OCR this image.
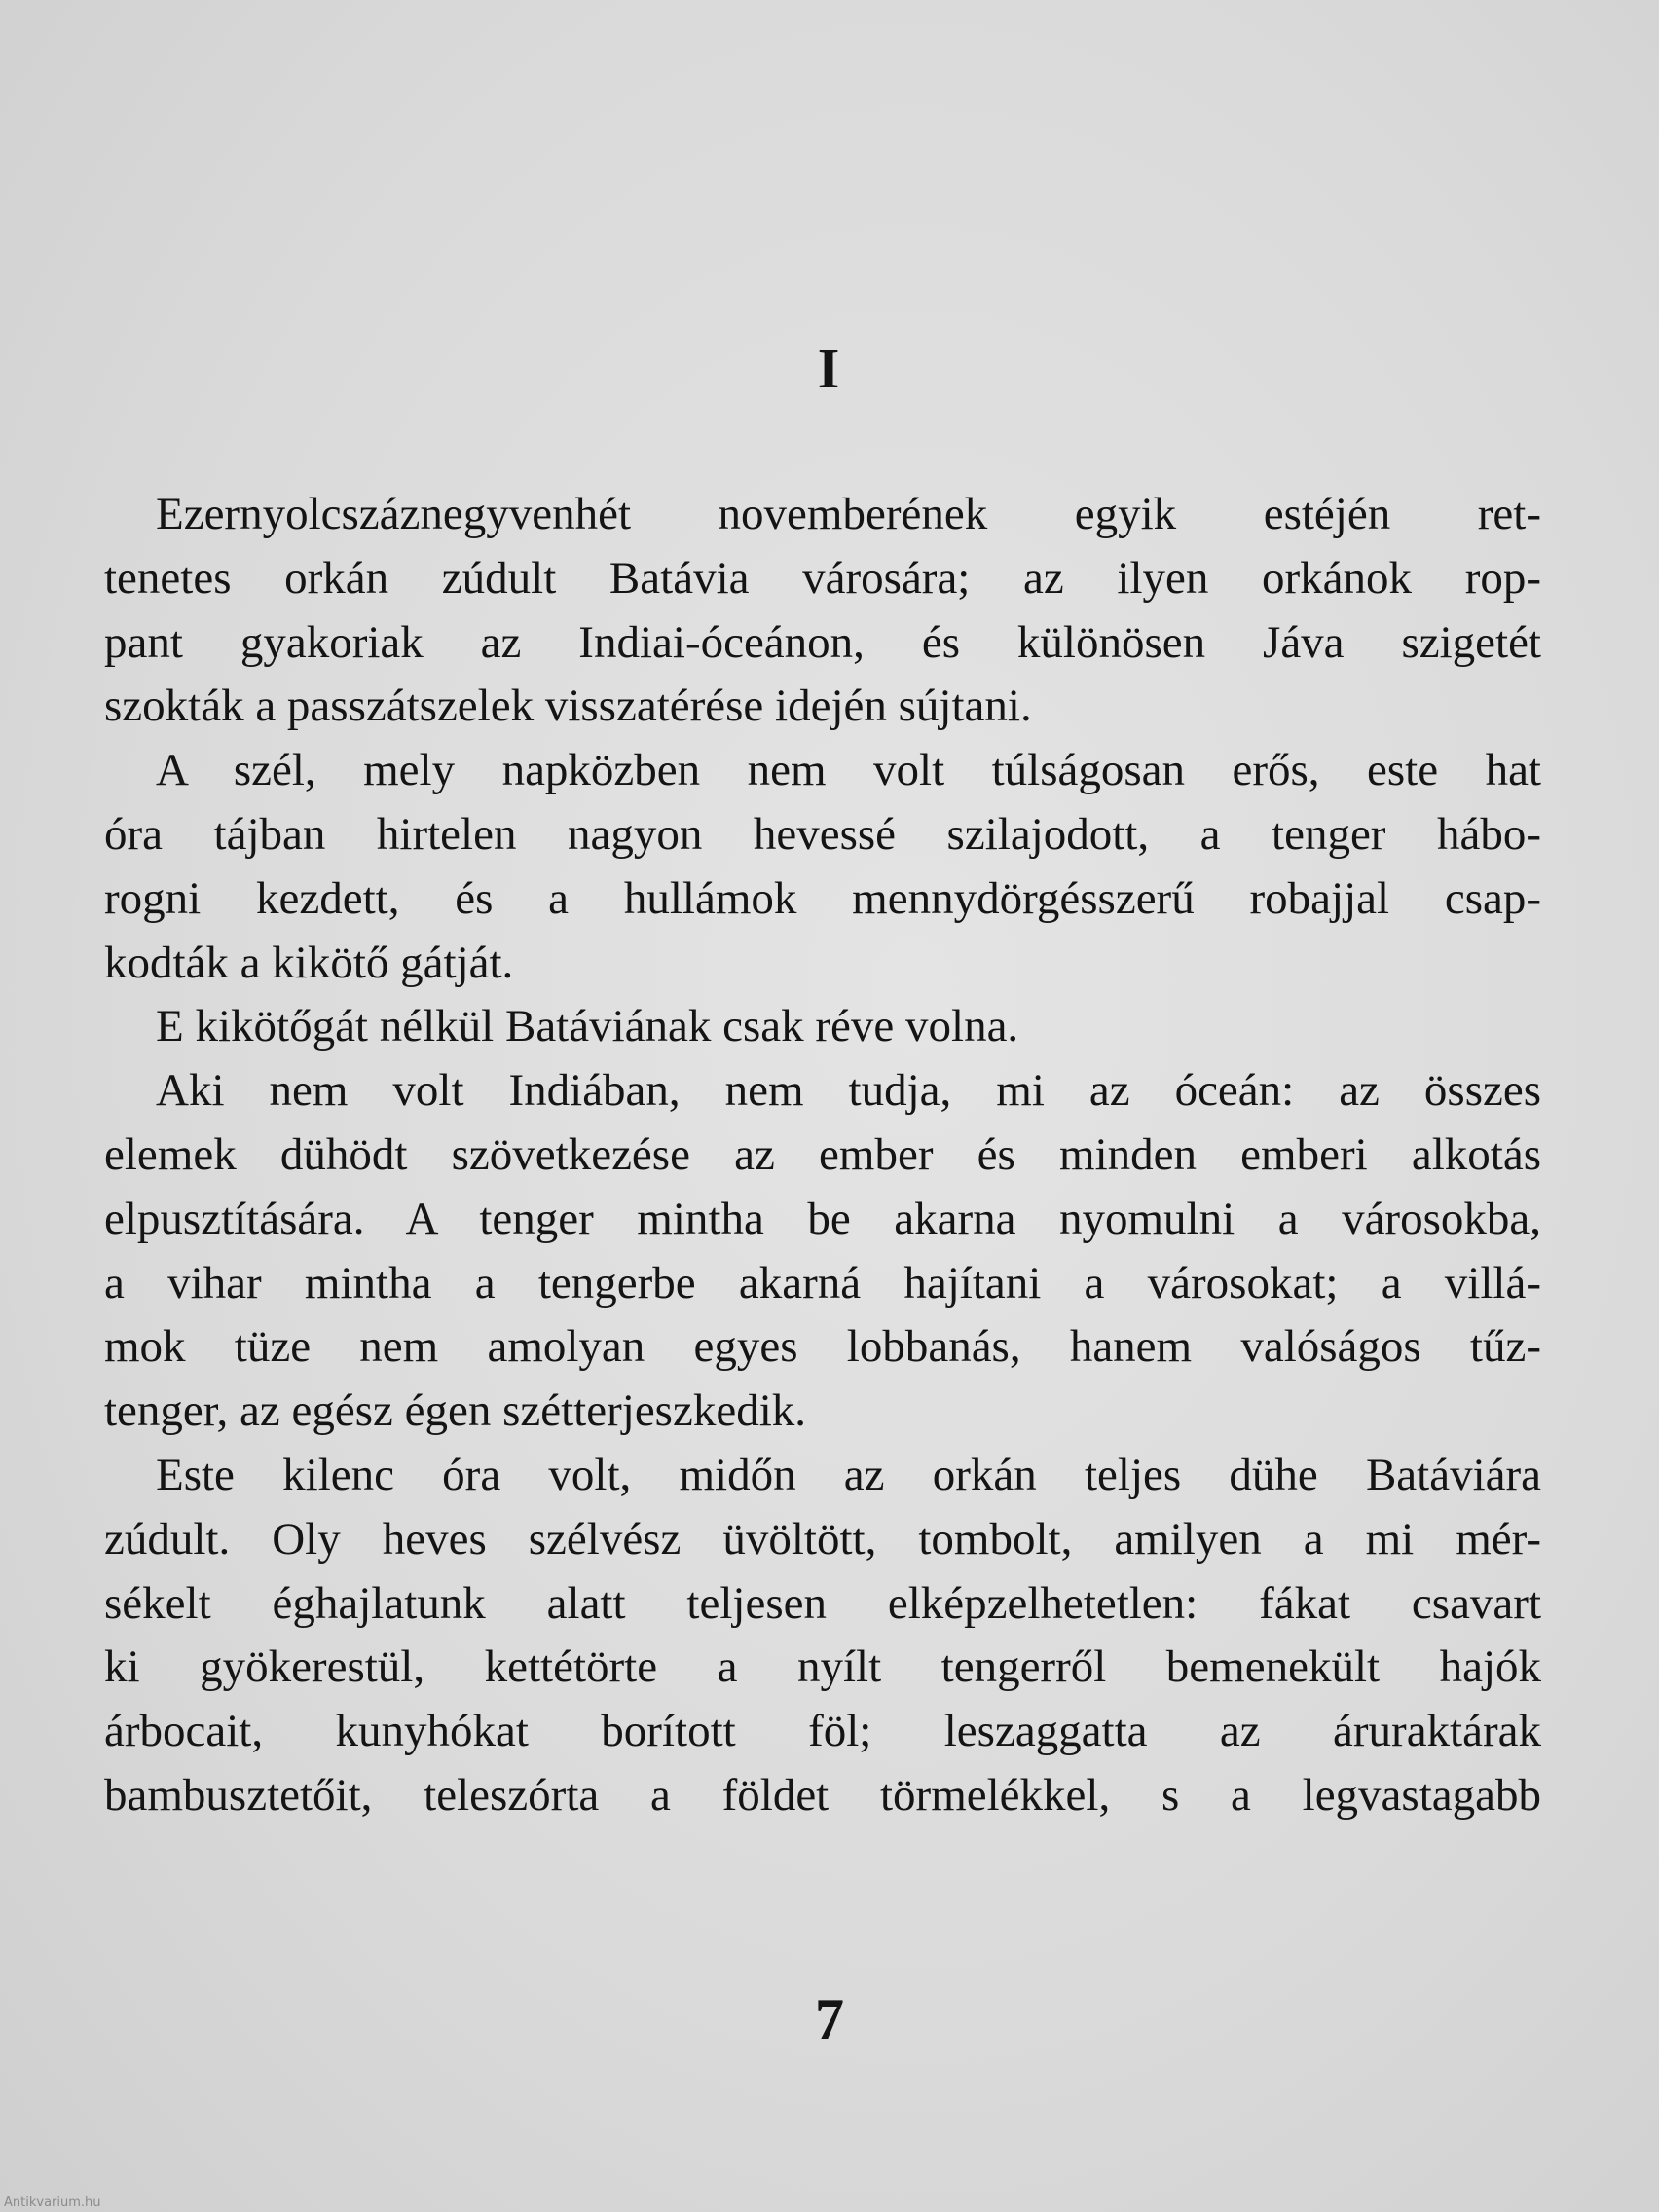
I
Ezernyolcszáznegyvenhét novemberének egyik estéjén ret-
tenetes orkán zúdult Batávia városára; az ilyen orkánok rop-
pant gyakoriak az Indiai-óceánon, és különösen Jáva szigetét
szokták a passzátszelek visszatérése idején sújtani.
A szél, mely napközben nem volt túlságosan erős, este hat
óra tájban hirtelen nagyon hevessé szilajodott, a tenger hábo-
rogni kezdett, és a hullámok mennydörgésszerű robajjal csap-
kodták a kikötő gátját.
E kikötőgát nélkül Batáviának csak réve volna.
Aki nem volt Indiában, nem tudja, mi az óceán: az összes
elemek dühödt szövetkezése az ember és minden emberi alkotás
elpusztítására. A tenger mintha be akarna nyomulni a városokba,
a vihar mintha a tengerbe akarná hajítani a városokat; a villá-
mok tüze nem amolyan egyes lobbanás, hanem valóságos tűz-
tenger, az egész égen szétterjeszkedik.
Este kilenc óra volt, midőn az orkán teljes dühe Batáviára
zúdult. Oly heves szélvész üvöltött, tombolt, amilyen a mi mér-
sékelt éghajlatunk alatt teljesen elképzelhetetlen: fákat csavart
ki gyökerestül, kettétörte a nyílt tengerről bemenekült hajók
árbocait, kunyhókat borított föl; leszaggatta az áruraktárak
bambusztetőit, teleszórta a földet törmelékkel, s a legvastagabb
7
Antikvarium.hu
